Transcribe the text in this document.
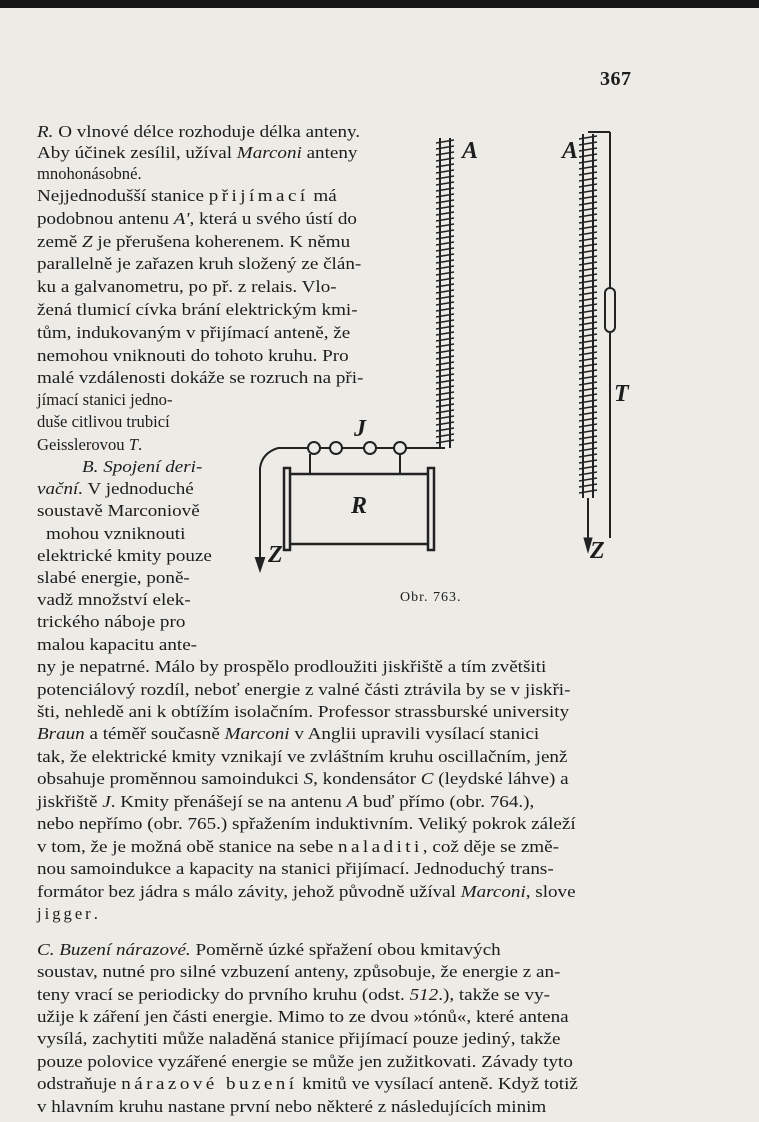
367
R. O vlnové délce rozhoduje délka anteny.
Aby účinek zesílil, užíval Marconi anteny
mnohonásobné.
Nejjednodušší stanice přijímací má
podobnou antenu A', která u svého ústí do
země Z je přerušena koherenem. K němu
parallelně je zařazen kruh složený ze člán-
ku a galvanometru, po př. z relais. Vlo-
žená tlumicí cívka brání elektrickým kmi-
tům, indukovaným v přijímací anteně, že
nemohou vniknouti do tohoto kruhu. Pro
malé vzdálenosti dokáže se rozruch na při-
jímací stanici jedno-
duše citlivou trubicí
Geisslerovou T.
B. Spojení deri-
vační. V jednoduché
soustavě Marconiově
mohou vzniknouti
elektrické kmity pouze
slabé energie, poně-
vadž množství elek-
trického náboje pro
malou kapacitu ante-
ny je nepatrné. Málo by prospělo prodloužiti jiskřiště a tím zvětšiti
potenciálový rozdíl, neboť energie z valné části ztrávila by se v jiskři-
šti, nehledě ani k obtížím isolačním. Professor strassburské university
Braun a téměř současně Marconi v Anglii upravili vysílací stanici
tak, že elektrické kmity vznikají ve zvláštním kruhu oscillačním, jenž
obsahuje proměnnou samoindukci S, kondensátor C (leydské láhve) a
jiskřiště J. Kmity přenášejí se na antenu A buď přímo (obr. 764.),
nebo nepřímo (obr. 765.) spřažením induktivním. Veliký pokrok záleží
v tom, že je možná obě stanice na sebe naladiti, což děje se změ-
nou samoindukce a kapacity na stanici přijímací. Jednoduchý trans-
formátor bez jádra s málo závity, jehož původně užíval Marconi, slove
jigger.
C. Buzení nárazové. Poměrně úzké spřažení obou kmitavých
soustav, nutné pro silné vzbuzení anteny, způsobuje, že energie z an-
teny vrací se periodicky do prvního kruhu (odst. 512.), takže se vy-
užije k záření jen části energie. Mimo to ze dvou »tónů«, které antena
vysílá, zachytiti může naladěná stanice přijímací pouze jediný, takže
pouze polovice vyzářené energie se může jen zužitkovati. Závady tyto
odstraňuje nárazové buzení kmitů ve vysílací anteně. Když totiž
v hlavním kruhu nastane první nebo některé z následujících minim
A
J
R
Z
A
T
Z
Obr. 763.
